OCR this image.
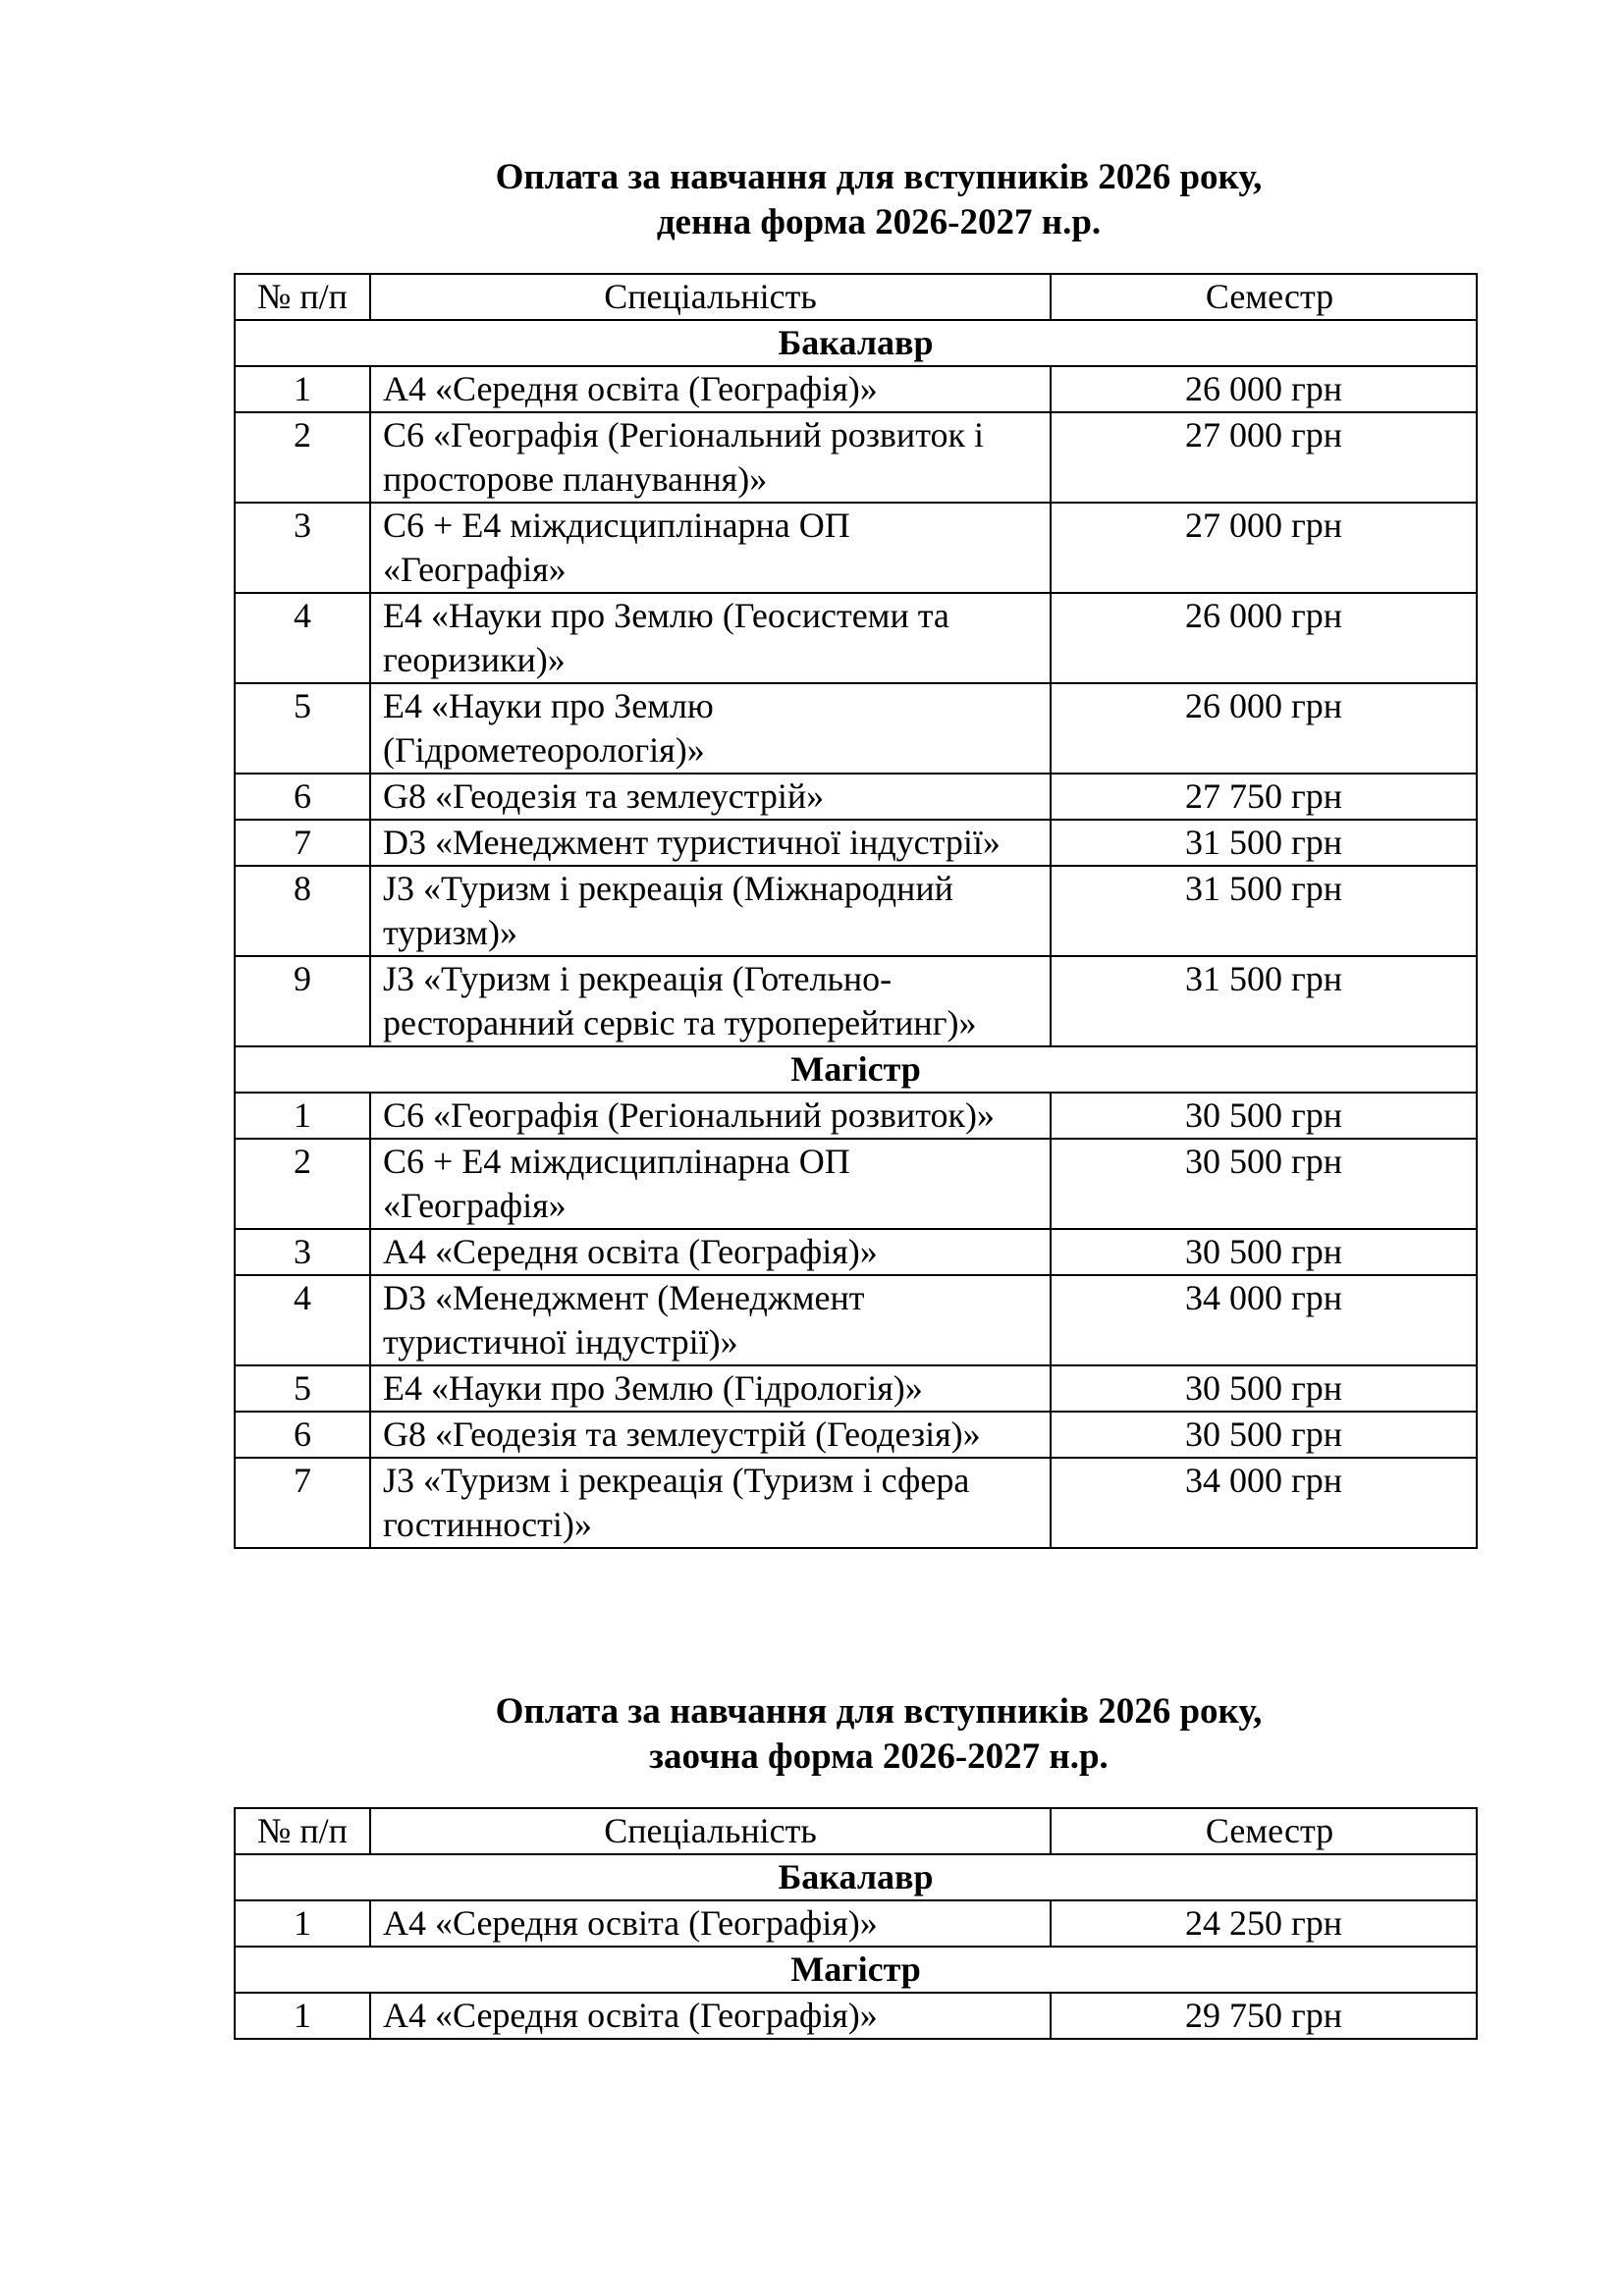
Оплата за навчання для вступників 2026 року,
денна форма 2026-2027 н.р.
№ п/п	Спеціальність	Семестр
Бакалавр		
1	А4 «Середня освіта (Географія)»	26 000 грн
2	С6 «Географія (Регіональний розвиток і просторове планування)»	27 000 грн
3	С6 + Е4 міждисциплінарна ОП «Географія»	27 000 грн
4	Е4 «Науки про Землю (Геосистеми та георизики)»	26 000 грн
5	Е4 «Науки про Землю (Гідрометеорологія)»	26 000 грн
6	G8 «Геодезія та землеустрій»	27 750 грн
7	D3 «Менеджмент туристичної індустрії»	31 500 грн
8	J3 «Туризм і рекреація (Міжнародний туризм)»	31 500 грн
9	J3 «Туризм і рекреація (Готельно-ресторанний сервіс та туроперейтинг)»	31 500 грн
Магістр		
1	С6 «Географія (Регіональний розвиток)»	30 500 грн
2	С6 + Е4 міждисциплінарна ОП «Географія»	30 500 грн
3	А4 «Середня освіта (Географія)»	30 500 грн
4	D3 «Менеджмент (Менеджмент туристичної індустрії)»	34 000 грн
5	Е4 «Науки про Землю (Гідрологія)»	30 500 грн
6	G8 «Геодезія та землеустрій (Геодезія)»	30 500 грн
7	J3 «Туризм і рекреація (Туризм і сфера гостинності)»	34 000 грн
Оплата за навчання для вступників 2026 року,
заочна форма 2026-2027 н.р.
№ п/п	Спеціальність	Семестр
Бакалавр		
1	А4 «Середня освіта (Географія)»	24 250 грн
Магістр		
1	А4 «Середня освіта (Географія)»	29 750 грн
